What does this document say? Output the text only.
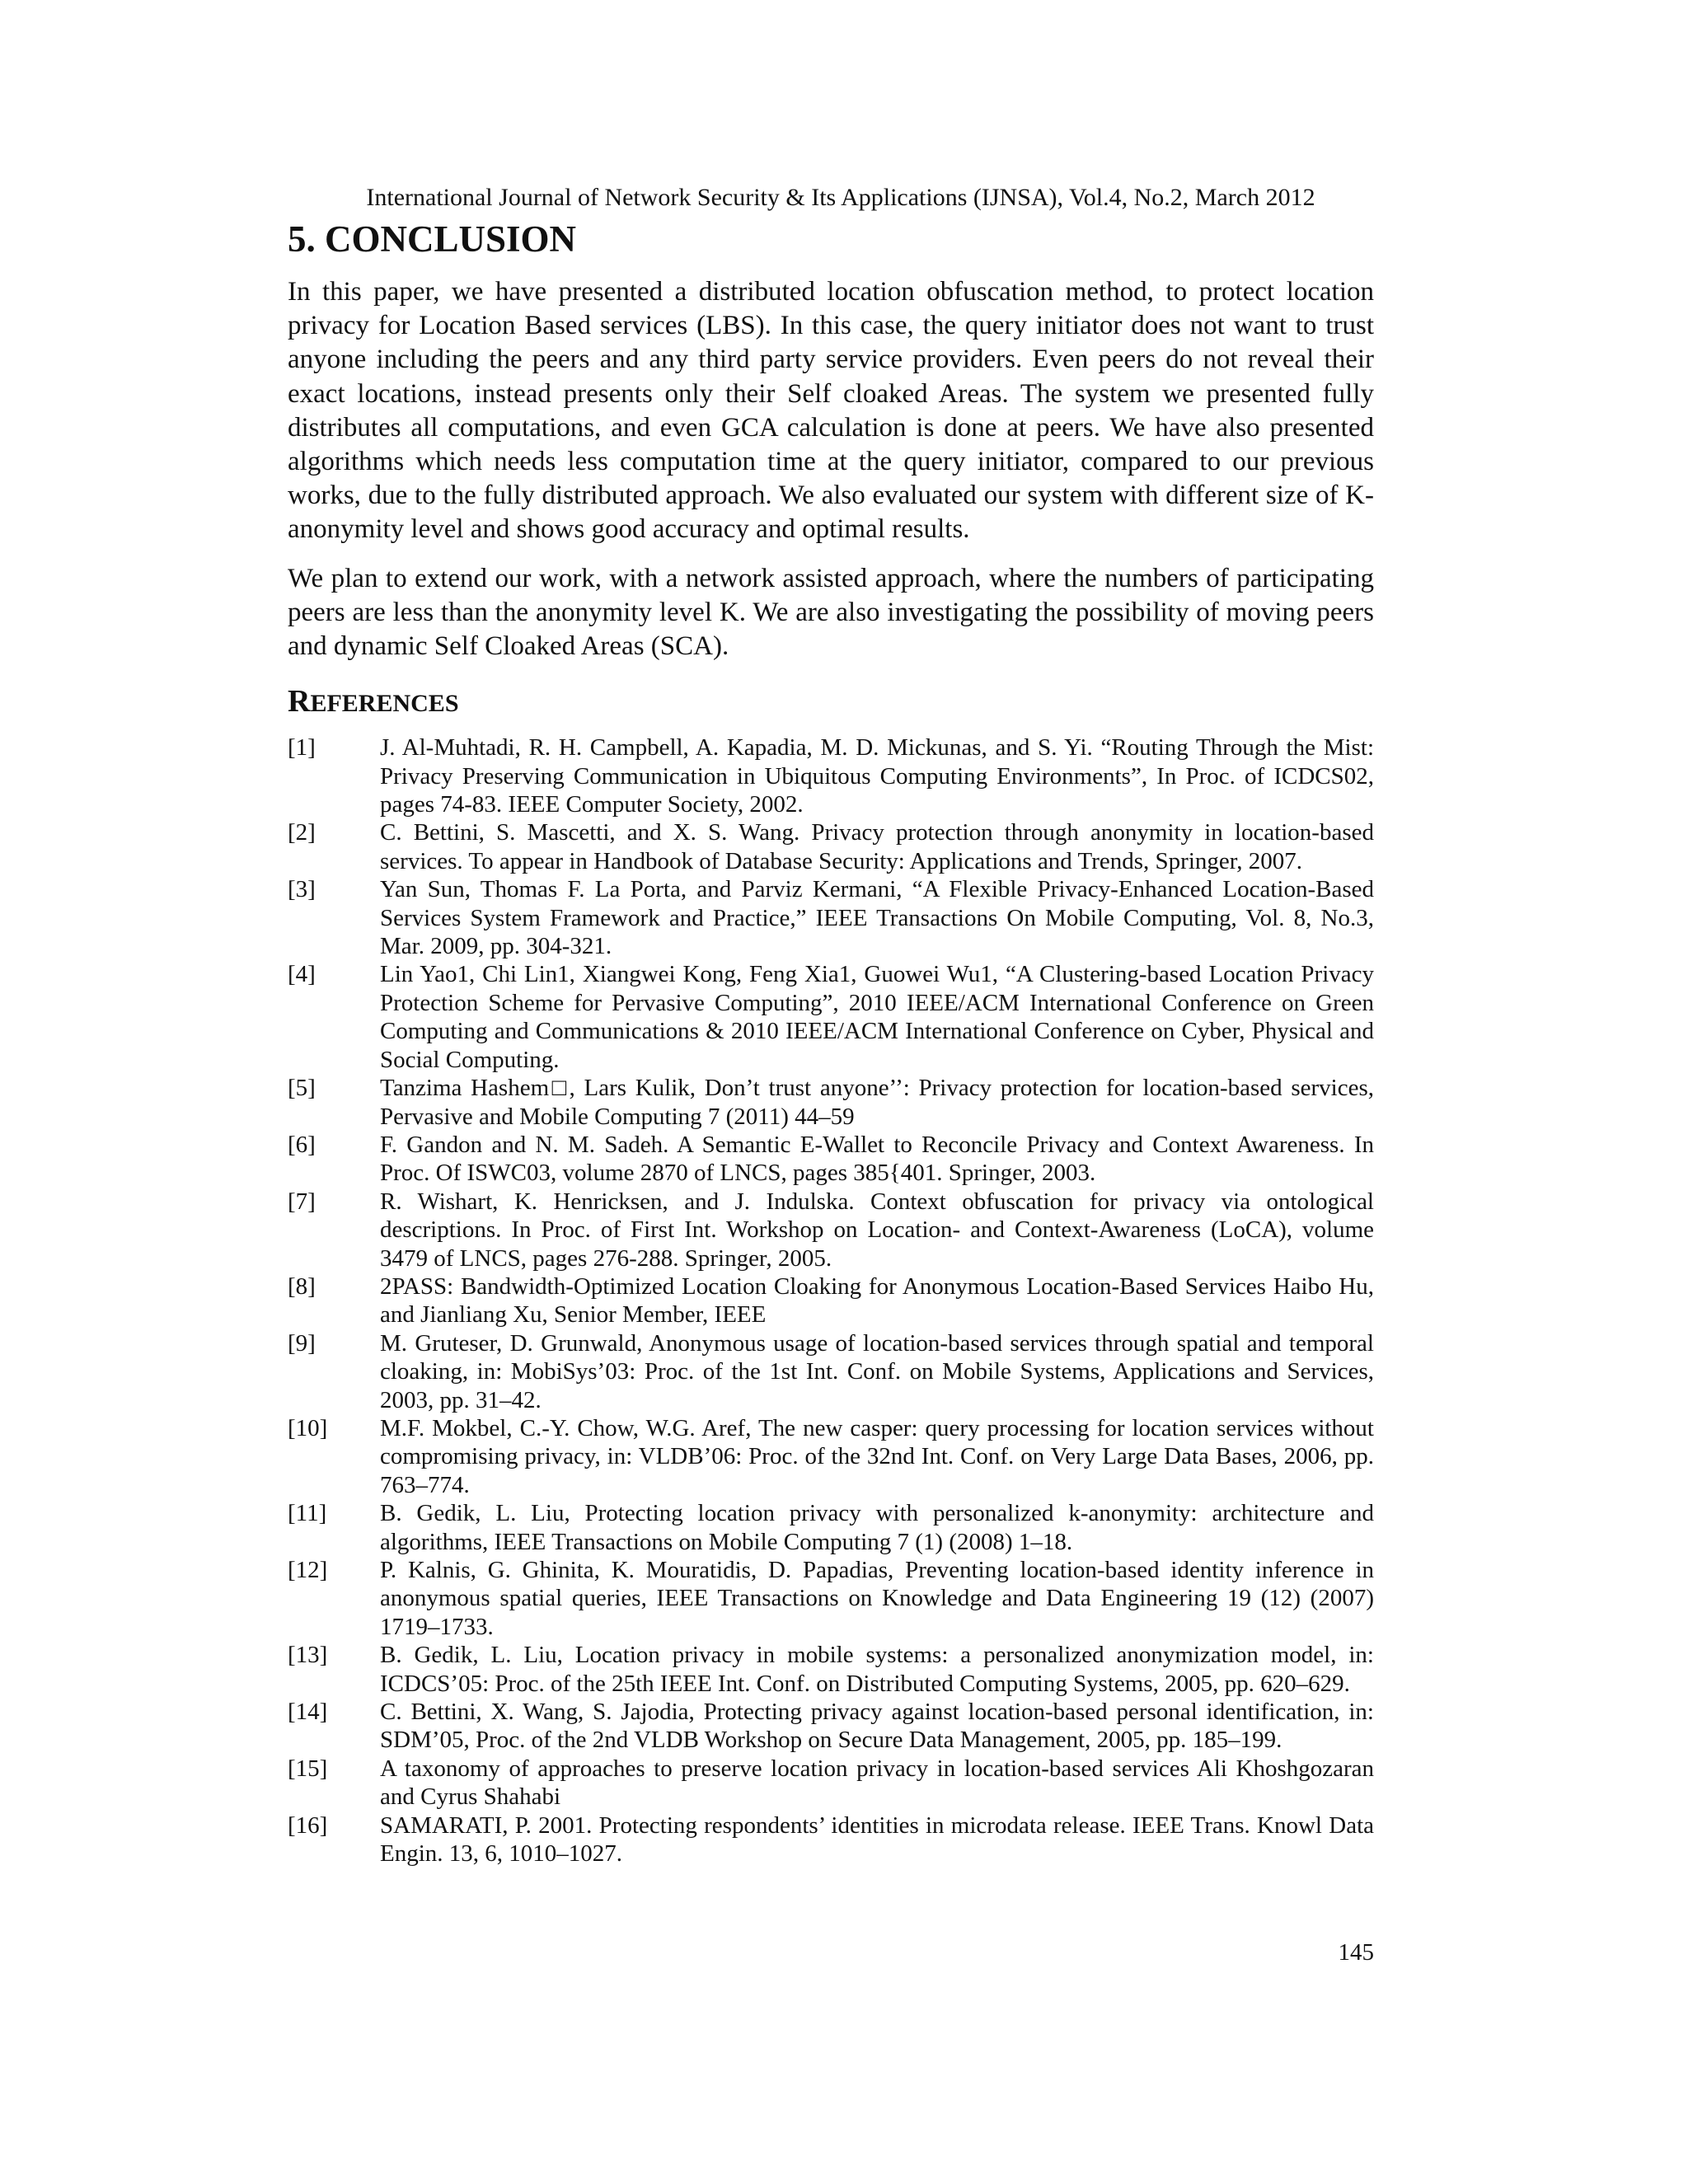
International Journal of Network Security & Its Applications (IJNSA), Vol.4, No.2, March 2012
5. CONCLUSION

In this paper, we have presented a distributed location obfuscation method, to protect location privacy for Location Based services (LBS). In this case, the query initiator does not want to trust anyone including the peers and any third party service providers. Even peers do not reveal their exact locations, instead presents only their Self cloaked Areas. The system we presented fully distributes all computations, and even GCA calculation is done at peers. We have also presented algorithms which needs less computation time at the query initiator, compared to our previous works, due to the fully distributed approach. We also evaluated our system with different size of K-anonymity level and shows good accuracy and optimal results.

We plan to extend our work, with a network assisted approach, where the numbers of participating peers are less than the anonymity level K. We are also investigating the possibility of moving peers and dynamic Self Cloaked Areas (SCA).

REFERENCES
[1]	J. Al-Muhtadi, R. H. Campbell, A. Kapadia, M. D. Mickunas, and S. Yi. “Routing Through the Mist: Privacy Preserving Communication in Ubiquitous Computing Environments”, In Proc. of ICDCS02, pages 74-83. IEEE Computer Society, 2002.
[2]	C. Bettini, S. Mascetti, and X. S. Wang. Privacy protection through anonymity in location-based services. To appear in Handbook of Database Security: Applications and Trends, Springer, 2007.
[3]	Yan Sun, Thomas F. La Porta, and Parviz Kermani, “A Flexible Privacy-Enhanced Location-Based Services System Framework and Practice,” IEEE Transactions On Mobile Computing, Vol. 8, No.3, Mar. 2009, pp. 304-321.
[4]	Lin Yao1, Chi Lin1, Xiangwei Kong, Feng Xia1, Guowei Wu1, “A Clustering-based Location Privacy Protection Scheme for Pervasive Computing”, 2010 IEEE/ACM International Conference on Green Computing and Communications & 2010 IEEE/ACM International Conference on Cyber, Physical and Social Computing.
[5]	Tanzima Hashem□, Lars Kulik, Don’t trust anyone’’: Privacy protection for location-based services, Pervasive and Mobile Computing 7 (2011) 44–59
[6]	F. Gandon and N. M. Sadeh. A Semantic E-Wallet to Reconcile Privacy and Context Awareness. In Proc. Of ISWC03, volume 2870 of LNCS, pages 385{401. Springer, 2003.
[7]	R. Wishart, K. Henricksen, and J. Indulska. Context obfuscation for privacy via ontological descriptions. In Proc. of First Int. Workshop on Location- and Context-Awareness (LoCA), volume 3479 of LNCS, pages 276-288. Springer, 2005.
[8]	2PASS: Bandwidth-Optimized Location Cloaking for Anonymous Location-Based Services Haibo Hu, and Jianliang Xu, Senior Member, IEEE
[9]	M. Gruteser, D. Grunwald, Anonymous usage of location-based services through spatial and temporal cloaking, in: MobiSys’03: Proc. of the 1st Int. Conf. on Mobile Systems, Applications and Services, 2003, pp. 31–42.
[10]	M.F. Mokbel, C.-Y. Chow, W.G. Aref, The new casper: query processing for location services without compromising privacy, in: VLDB’06: Proc. of the 32nd Int. Conf. on Very Large Data Bases, 2006, pp. 763–774.
[11]	B. Gedik, L. Liu, Protecting location privacy with personalized k-anonymity: architecture and algorithms, IEEE Transactions on Mobile Computing 7 (1) (2008) 1–18.
[12]	P. Kalnis, G. Ghinita, K. Mouratidis, D. Papadias, Preventing location-based identity inference in anonymous spatial queries, IEEE Transactions on Knowledge and Data Engineering 19 (12) (2007) 1719–1733.
[13]	B. Gedik, L. Liu, Location privacy in mobile systems: a personalized anonymization model, in: ICDCS’05: Proc. of the 25th IEEE Int. Conf. on Distributed Computing Systems, 2005, pp. 620–629.
[14]	C. Bettini, X. Wang, S. Jajodia, Protecting privacy against location-based personal identification, in: SDM’05, Proc. of the 2nd VLDB Workshop on Secure Data Management, 2005, pp. 185–199.
[15]	A taxonomy of approaches to preserve location privacy in location-based services Ali Khoshgozaran and Cyrus Shahabi
[16]	SAMARATI, P. 2001. Protecting respondents’ identities in microdata release. IEEE Trans. Knowl Data Engin. 13, 6, 1010–1027.
145
